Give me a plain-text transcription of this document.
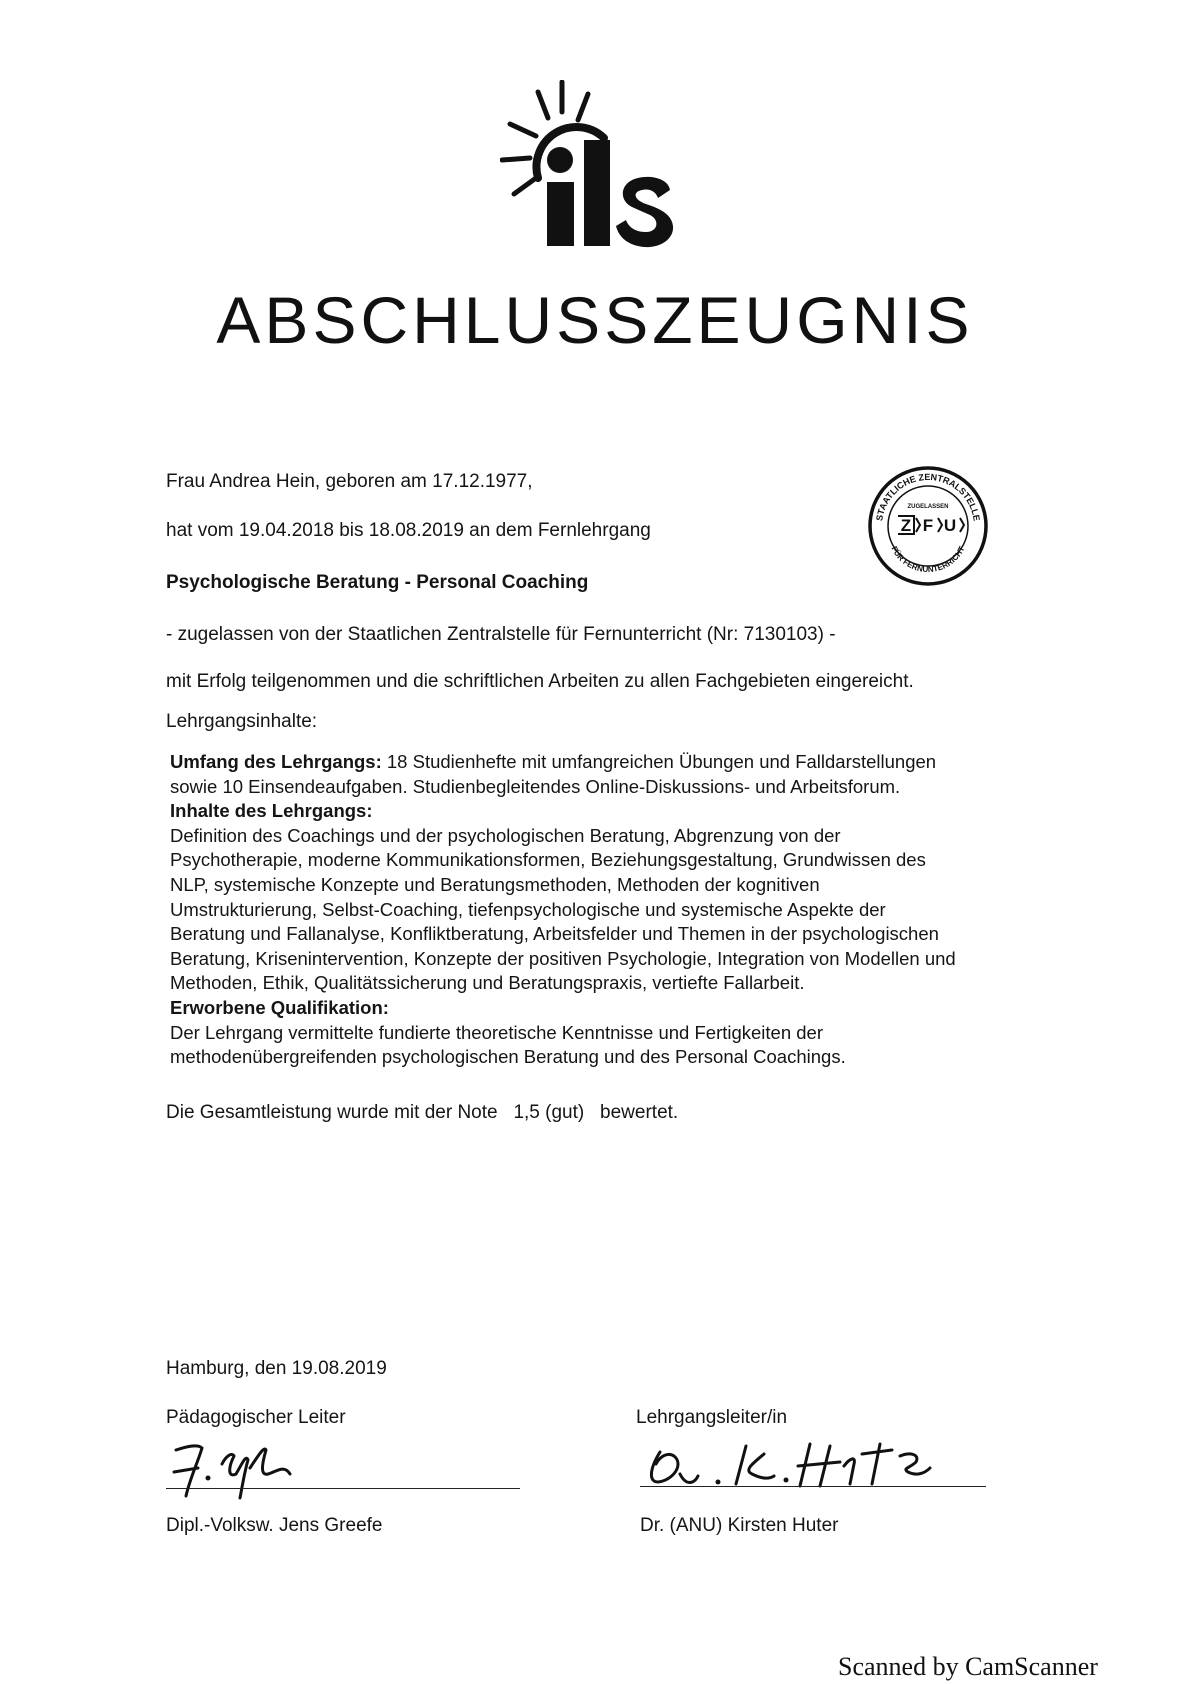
ABSCHLUSSZEUGNIS
STAATLICHE ZENTRALSTELLE
FÜR FERNUNTERRICHT
ZUGELASSEN
Z F U
Frau Andrea Hein, geboren am 17.12.1977,
hat vom 19.04.2018 bis 18.08.2019 an dem Fernlehrgang
Psychologische Beratung - Personal Coaching
- zugelassen von der Staatlichen Zentralstelle für Fernunterricht (Nr: 7130103) -
mit Erfolg teilgenommen und die schriftlichen Arbeiten zu allen Fachgebieten eingereicht.
Lehrgangsinhalte:
Umfang des Lehrgangs: 18 Studienhefte mit umfangreichen Übungen und Falldarstellungen
sowie 10 Einsendeaufgaben. Studienbegleitendes Online-Diskussions- und Arbeitsforum.
Inhalte des Lehrgangs:
Definition des Coachings und der psychologischen Beratung, Abgrenzung von der
Psychotherapie, moderne Kommunikationsformen, Beziehungsgestaltung, Grundwissen des
NLP, systemische Konzepte und Beratungsmethoden, Methoden der kognitiven
Umstrukturierung, Selbst-Coaching, tiefenpsychologische und systemische Aspekte der
Beratung und Fallanalyse, Konfliktberatung, Arbeitsfelder und Themen in der psychologischen
Beratung, Krisenintervention, Konzepte der positiven Psychologie, Integration von Modellen und
Methoden, Ethik, Qualitätssicherung und Beratungspraxis, vertiefte Fallarbeit.
Erworbene Qualifikation:
Der Lehrgang vermittelte fundierte theoretische Kenntnisse und Fertigkeiten der
methodenübergreifenden psychologischen Beratung und des Personal Coachings.
Die Gesamtleistung wurde mit der Note 1,5 (gut) bewertet.
Hamburg, den 19.08.2019
Pädagogischer Leiter	Lehrgangsleiter/in
Dipl.-Volksw. Jens Greefe	Dr. (ANU) Kirsten Huter
Scanned by CamScanner
